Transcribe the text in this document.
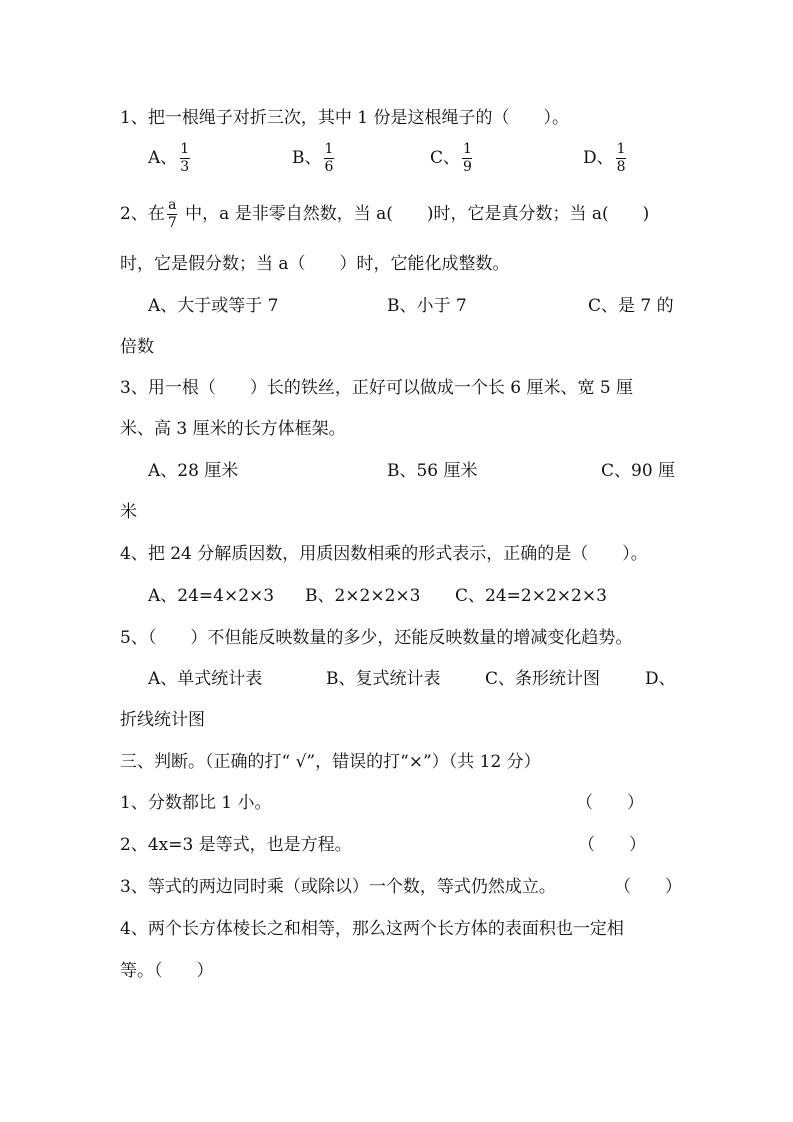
1、把一根绳子对折三次，其中 1 份是这根绳子的（　　）。
A、 $\frac{1}{3}$	B、 $\frac{1}{6}$	C、 $\frac{1}{9}$	D、 $\frac{1}{8}$
2、在 $\frac{a}{7}$ 中，a 是非零自然数，当 a(　　)时，它是真分数；当 a(　　)
时，它是假分数；当 a（　　）时，它能化成整数。
A、大于或等于 7	B、小于 7	C、是 7 的
倍数
3、用一根（　　）长的铁丝，正好可以做成一个长 6 厘米、宽 5 厘
米、高 3 厘米的长方体框架。
A、28 厘米	B、56 厘米	C、90 厘
米
4、把 24 分解质因数，用质因数相乘的形式表示，正确的是（　　）。
A、24=4×2×3 B、2×2×2×3 C、24=2×2×2×3
5、（　　）不但能反映数量的多少，还能反映数量的增减变化趋势。
A、单式统计表	B、复式统计表	C、条形统计图	D、
折线统计图
三、判断。（正确的打“ √”，错误的打“×”）（共 12 分）
1、分数都比 1 小。	（　　）
2、4x=3 是等式，也是方程。	（　　）
3、等式的两边同时乘（或除以）一个数，等式仍然成立。	（　　）
4、两个长方体棱长之和相等，那么这两个长方体的表面积也一定相
等。（　　）
